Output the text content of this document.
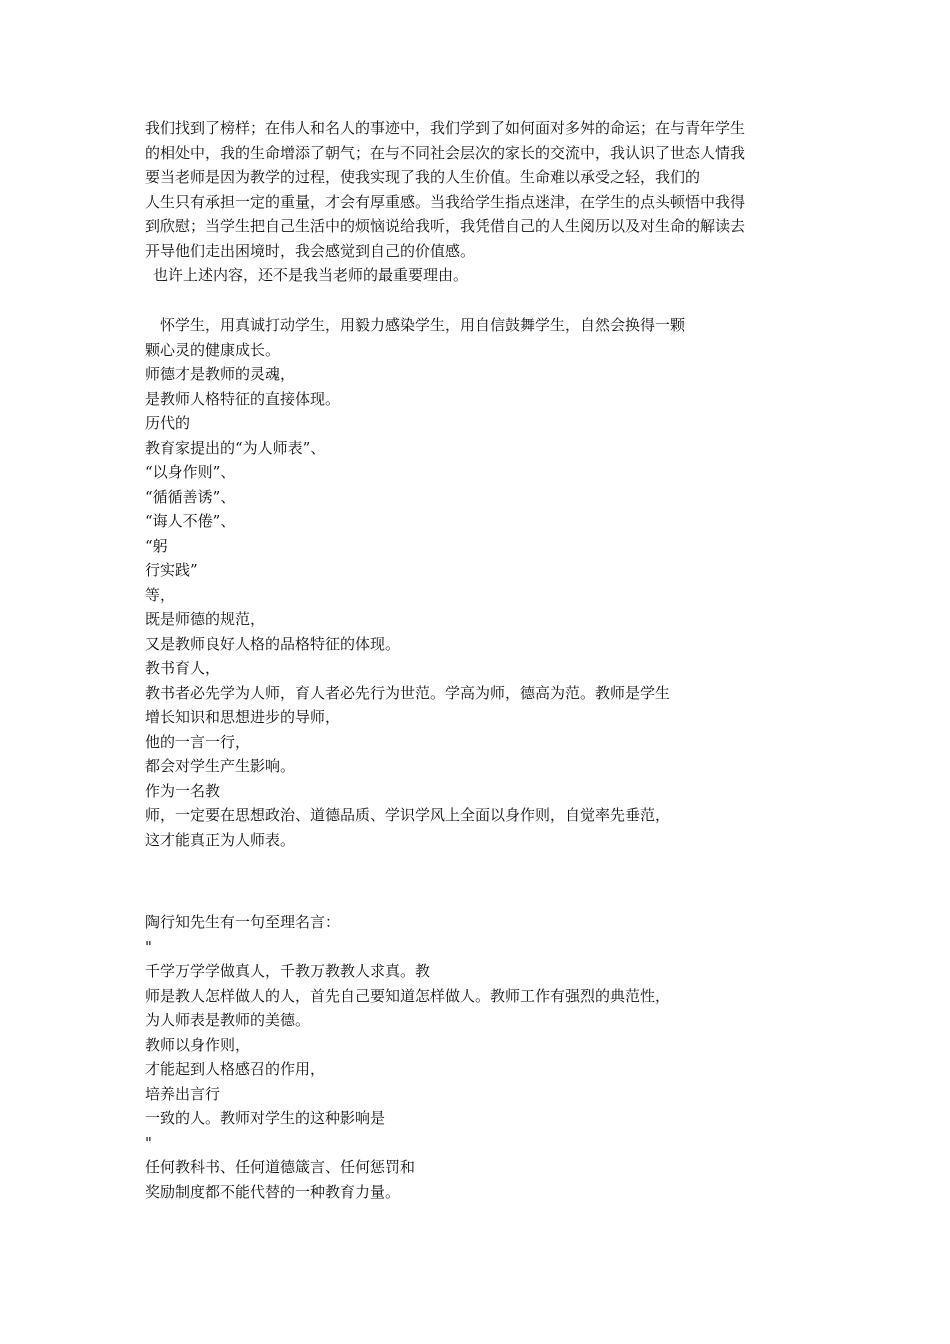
我们找到了榜样；在伟人和名人的事迹中，我们学到了如何面对多舛的命运；在与青年学生
的相处中，我的生命增添了朝气；在与不同社会层次的家长的交流中，我认识了世态人情我
要当老师是因为教学的过程，使我实现了我的人生价值。生命难以承受之轻，我们的
人生只有承担一定的重量，才会有厚重感。当我给学生指点迷津，在学生的点头顿悟中我得
到欣慰；当学生把自己生活中的烦恼说给我听，我凭借自己的人生阅历以及对生命的解读去
开导他们走出困境时，我会感觉到自己的价值感。
也许上述内容，还不是我当老师的最重要理由。
怀学生，用真诚打动学生，用毅力感染学生，用自信鼓舞学生，自然会换得一颗
颗心灵的健康成长。
师德才是教师的灵魂，
是教师人格特征的直接体现。
历代的
教育家提出的“为人师表”、
“以身作则”、
“循循善诱”、
“诲人不倦”、
“躬
行实践”
等，
既是师德的规范，
又是教师良好人格的品格特征的体现。
教书育人，
教书者必先学为人师，育人者必先行为世范。学高为师，德高为范。教师是学生
增长知识和思想进步的导师，
他的一言一行，
都会对学生产生影响。
作为一名教
师，一定要在思想政治、道德品质、学识学风上全面以身作则，自觉率先垂范，
这才能真正为人师表。
陶行知先生有一句至理名言：
"
千学万学学做真人，千教万教教人求真。教
师是教人怎样做人的人，首先自己要知道怎样做人。教师工作有强烈的典范性，
为人师表是教师的美德。
教师以身作则，
才能起到人格感召的作用，
培养出言行
一致的人。教师对学生的这种影响是
"
任何教科书、任何道德箴言、任何惩罚和
奖励制度都不能代替的一种教育力量。
